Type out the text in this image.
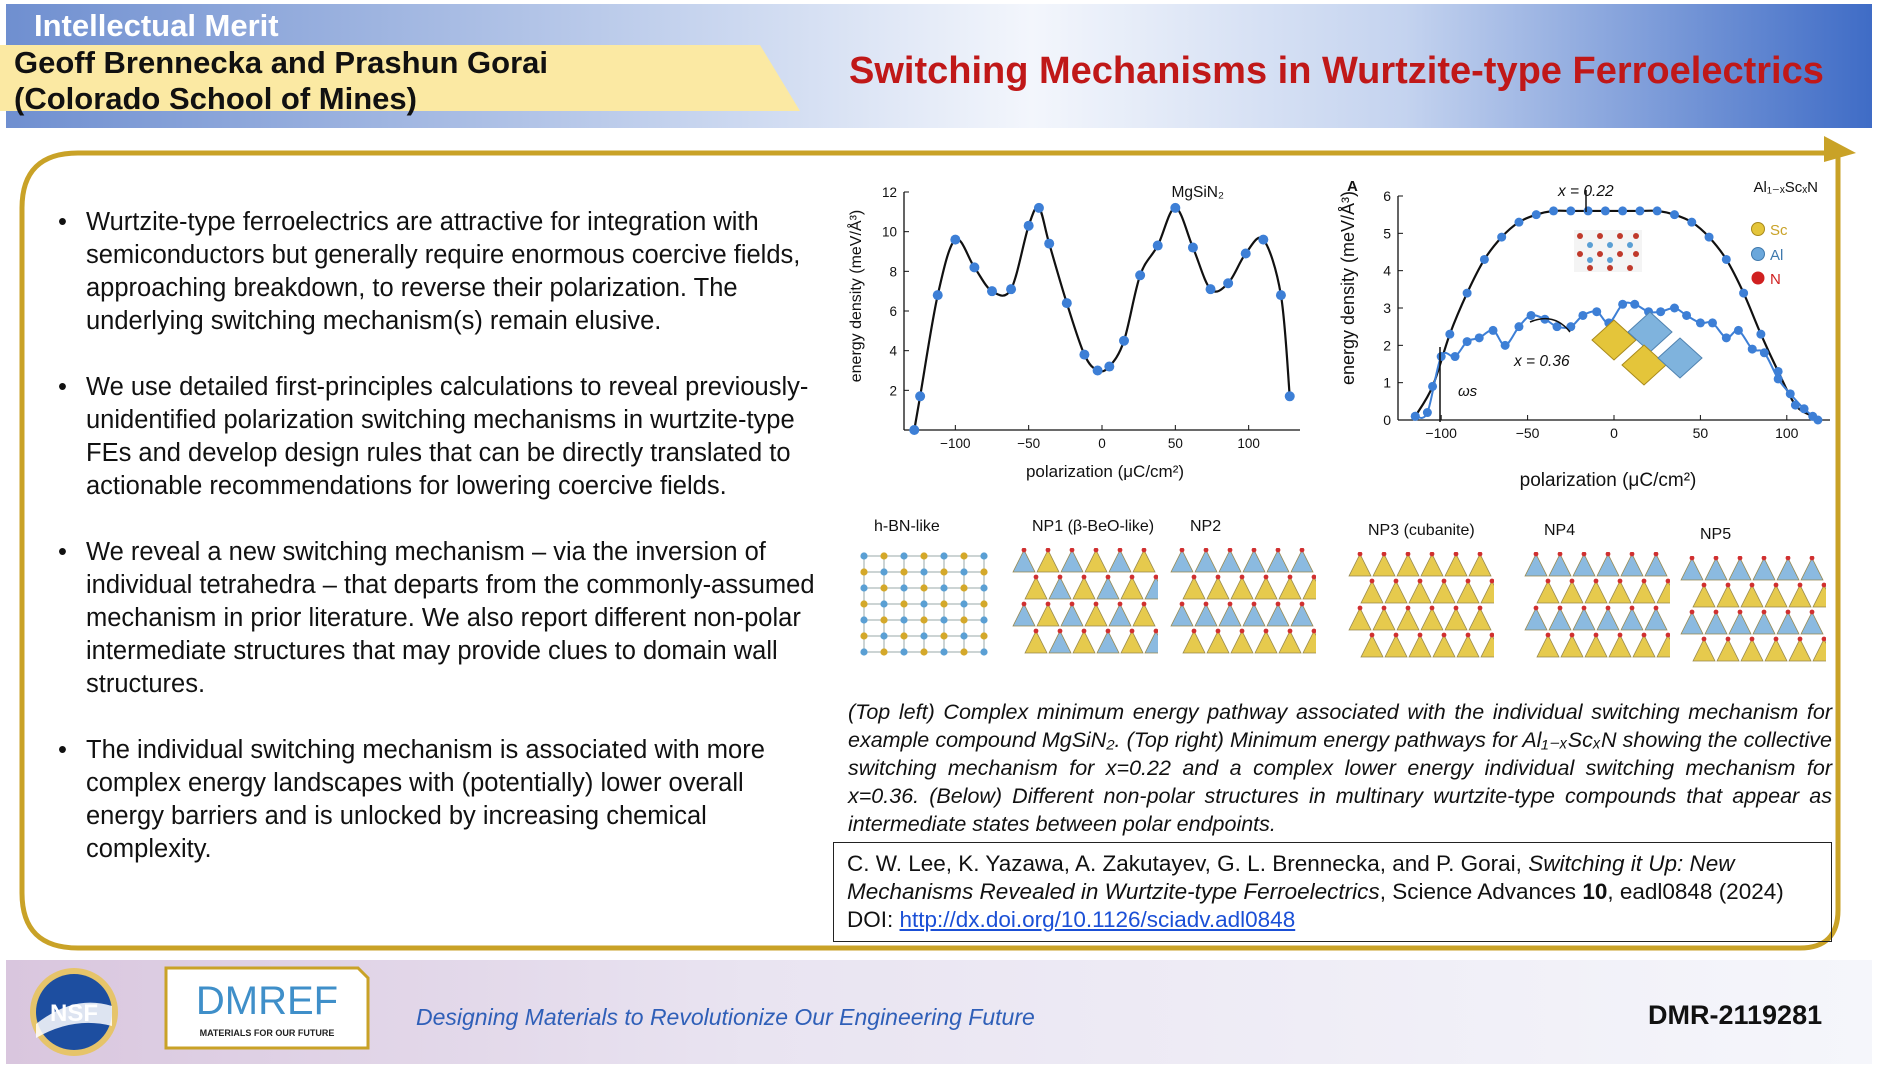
Intellectual Merit
Geoff Brennecka and Prashun Gorai
(Colorado School of Mines)
Switching Mechanisms in Wurtzite-type Ferroelectrics
• Wurtzite-type ferroelectrics are attractive for integration with semiconductors but generally require enormous coercive fields, approaching breakdown, to reverse their polarization. The underlying switching mechanism(s) remain elusive.
• We use detailed first-principles calculations to reveal previously-unidentified polarization switching mechanisms in wurtzite-type FEs and develop design rules that can be directly translated to actionable recommendations for lowering coercive fields.
• We reveal a new switching mechanism – via the inversion of individual tetrahedra – that departs from the commonly-assumed mechanism in prior literature. We also report different non-polar intermediate structures that may provide clues to domain wall structures.
• The individual switching mechanism is associated with more complex energy landscapes with (potentially) lower overall energy barriers and is unlocked by increasing chemical complexity.
−100	−50	0	50	100
2
4
6
8
10
12	MgSiN₂
polarization (μC/cm²)
energy density (meV/Å³)
−100	−50	0	50	100
0
1
2
3
4
5
6
A	Al₁₋ₓScₓN
x = 0.22
x = 0.36
ωs
Sc
Al
N
polarization (μC/cm²)
energy density (meV/Å³)
h-BN-like	NP1 (β-BeO-like) NP2	NP3 (cubanite)	NP4	NP5

(Top left) Complex minimum energy pathway associated with the individual switching mechanism for example compound MgSiN₂. (Top right) Minimum energy pathways for Al₁₋ₓScₓN showing the collective switching mechanism for x=0.22 and a complex lower energy individual switching mechanism for x=0.36. (Below) Different non-polar structures in multinary wurtzite-type compounds that appear as intermediate states between polar endpoints.

C. W. Lee, K. Yazawa, A. Zakutayev, G. L. Brennecka, and P. Gorai, Switching it Up: New Mechanisms Revealed in Wurtzite-type Ferroelectrics, Science Advances 10, eadl0848 (2024)
DOI: http://dx.doi.org/10.1126/sciadv.adl0848
NSF DMREF
MATERIALS FOR OUR FUTURE
Designing Materials to Revolutionize Our Engineering Future	DMR-2119281
